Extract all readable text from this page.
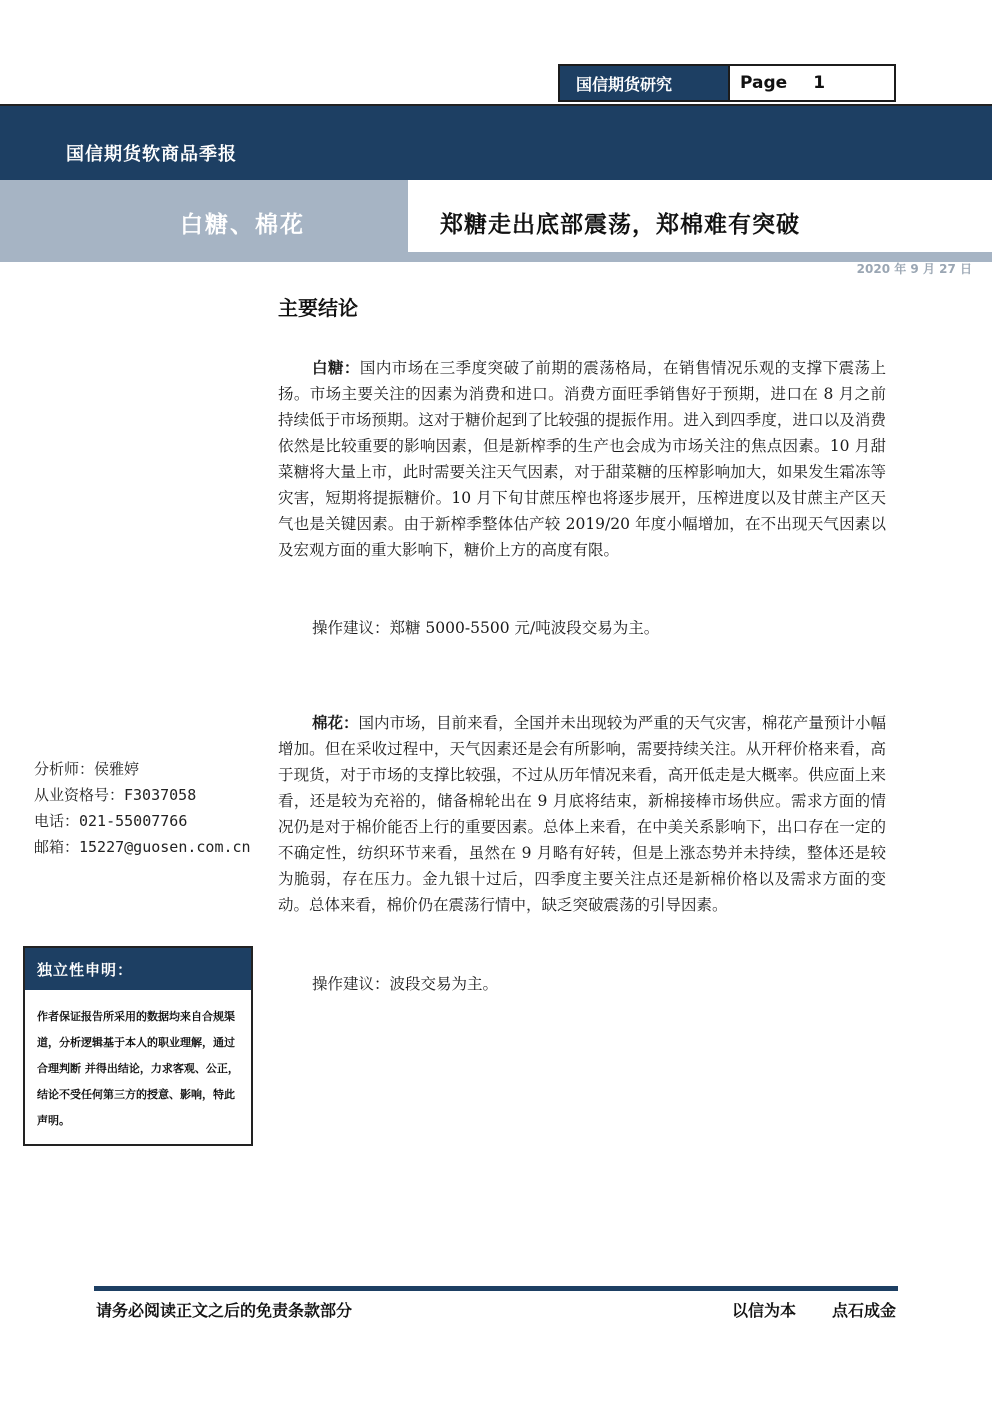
国信期货研究	Page 1
国信期货软商品季报
白糖、棉花	郑糖走出底部震荡，郑棉难有突破
2020 年 9 月 27 日
主要结论
白糖：国内市场在三季度突破了前期的震荡格局，在销售情况乐观的支撑下震荡上扬。市场主要关注的因素为消费和进口。消费方面旺季销售好于预期，进口在 8 月之前持续低于市场预期。这对于糖价起到了比较强的提振作用。进入到四季度，进口以及消费依然是比较重要的影响因素，但是新榨季的生产也会成为市场关注的焦点因素。10 月甜菜糖将大量上市，此时需要关注天气因素，对于甜菜糖的压榨影响加大，如果发生霜冻等灾害，短期将提振糖价。10 月下旬甘蔗压榨也将逐步展开，压榨进度以及甘蔗主产区天气也是关键因素。由于新榨季整体估产较 2019/20 年度小幅增加，在不出现天气因素以及宏观方面的重大影响下，糖价上方的高度有限。
操作建议：郑糖 5000-5500 元/吨波段交易为主。
棉花：国内市场，目前来看，全国并未出现较为严重的天气灾害，棉花产量预计小幅增加。但在采收过程中，天气因素还是会有所影响，需要持续关注。从开秤价格来看，高于现货，对于市场的支撑比较强，不过从历年情况来看，高开低走是大概率。供应面上来看，还是较为充裕的，储备棉轮出在 9 月底将结束，新棉接棒市场供应。需求方面的情况仍是对于棉价能否上行的重要因素。总体上来看，在中美关系影响下，出口存在一定的不确定性，纺织环节来看，虽然在 9 月略有好转，但是上涨态势并未持续，整体还是较为脆弱，存在压力。金九银十过后，四季度主要关注点还是新棉价格以及需求方面的变动。总体来看，棉价仍在震荡行情中，缺乏突破震荡的引导因素。
操作建议：波段交易为主。
分析师：侯雅婷
从业资格号：F3037058
电话：021-55007766
邮箱：15227@guosen.com.cn
独立性申明：
作者保证报告所采用的数据均来自合规渠道，分析逻辑基于本人的职业理解，通过合理判断 并得出结论，力求客观、公正，结论不受任何第三方的授意、影响，特此声明。
请务必阅读正文之后的免责条款部分	以信为本 点石成金
